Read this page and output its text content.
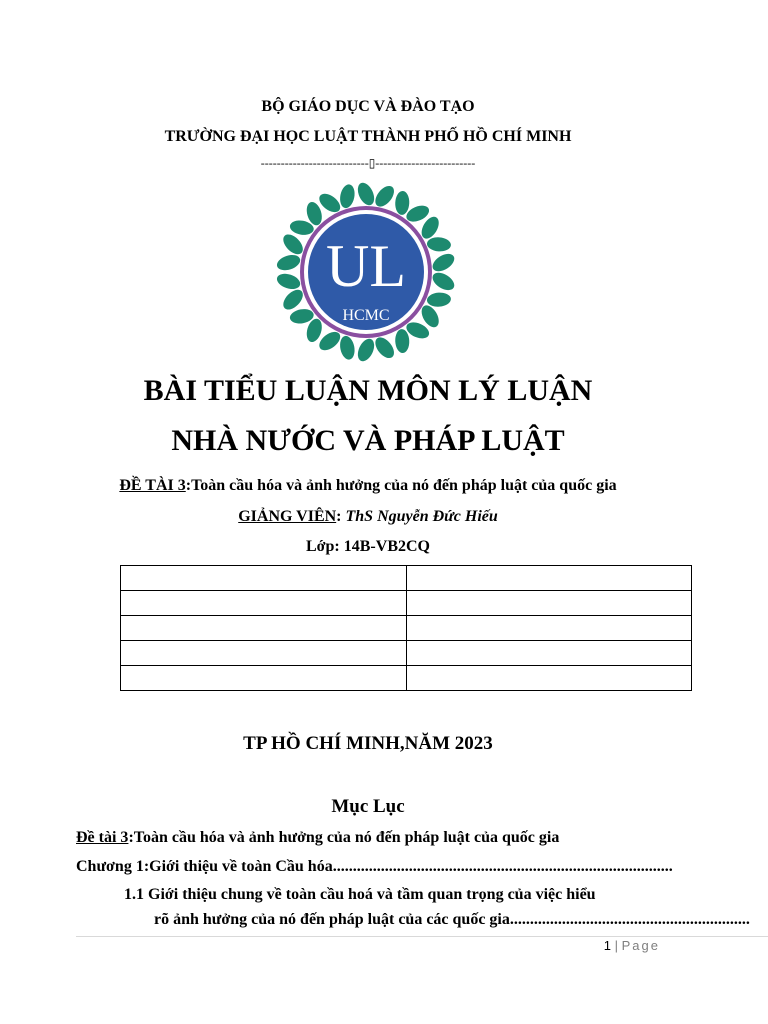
BỘ GIÁO DỤC VÀ ĐÀO TẠO
TRƯỜNG ĐẠI HỌC LUẬT THÀNH PHỐ HỒ CHÍ MINH
---------------------------▯-------------------------
UL
HCMC
BÀI TIỂU LUẬN MÔN LÝ LUẬN
NHÀ NƯỚC VÀ PHÁP LUẬT
ĐỀ TÀI 3:Toàn cầu hóa và ảnh hưởng của nó đến pháp luật của quốc gia
GIẢNG VIÊN: ThS Nguyễn Đức Hiếu
Lớp: 14B-VB2CQ

TP HỒ CHÍ MINH,NĂM 2023
Mục Lục
Đề tài 3:Toàn cầu hóa và ảnh hưởng của nó đến pháp luật của quốc gia
Chương 1:Giới thiệu về toàn Cầu hóa.....................................................................................
1.1 Giới thiệu chung về toàn cầu hoá và tầm quan trọng của việc hiểu
rõ ảnh hưởng của nó đến pháp luật của các quốc gia............................................................
1 | Page
